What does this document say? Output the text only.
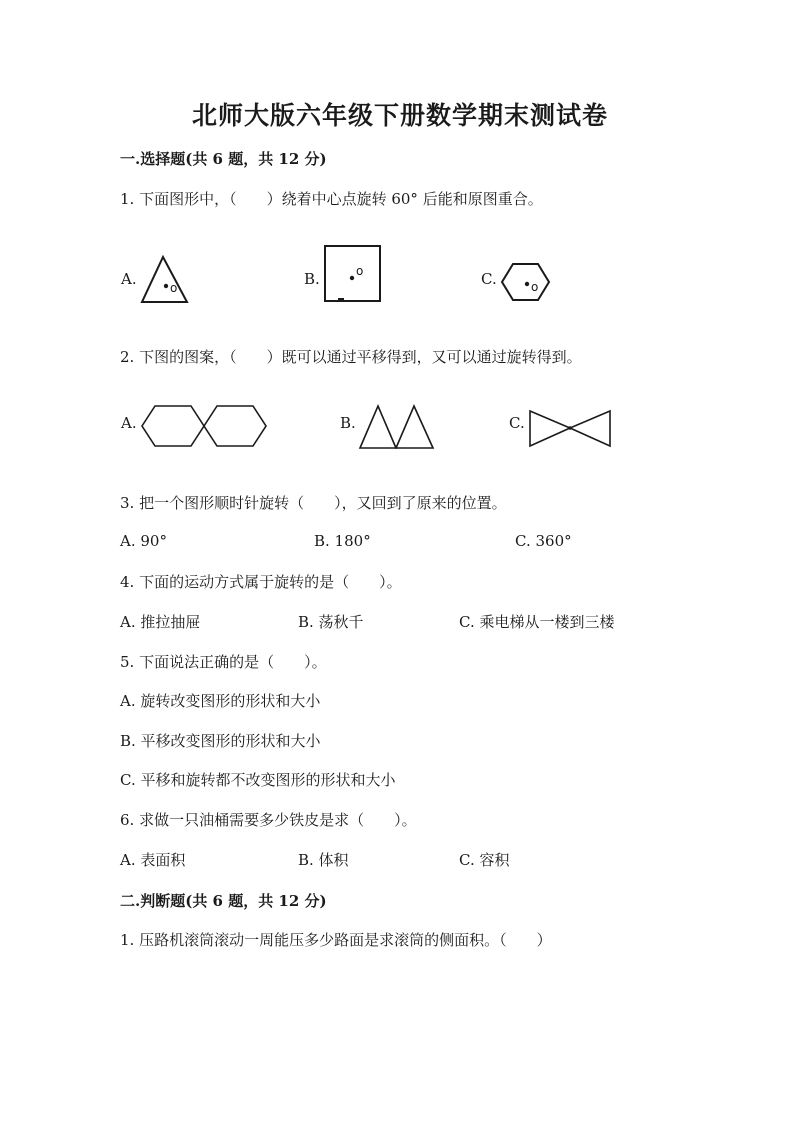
北师大版六年级下册数学期末测试卷
一.选择题(共 6 题，共 12 分)
1. 下面图形中，（　　）绕着中心点旋转 60° 后能和原图重合。
A.	o	B.	o	C.	o
2. 下图的图案，（　　）既可以通过平移得到，又可以通过旋转得到。
A.	B.	C.
3. 把一个图形顺时针旋转（　　），又回到了原来的位置。
A. 90°	B. 180°	C. 360°
4. 下面的运动方式属于旋转的是（　　）。
A. 推拉抽屉	B. 荡秋千	C. 乘电梯从一楼到三楼
5. 下面说法正确的是（　　）。
A. 旋转改变图形的形状和大小
B. 平移改变图形的形状和大小
C. 平移和旋转都不改变图形的形状和大小
6. 求做一只油桶需要多少铁皮是求（　　）。
A. 表面积	B. 体积	C. 容积
二.判断题(共 6 题，共 12 分)
1. 压路机滚筒滚动一周能压多少路面是求滚筒的侧面积。（　　）
